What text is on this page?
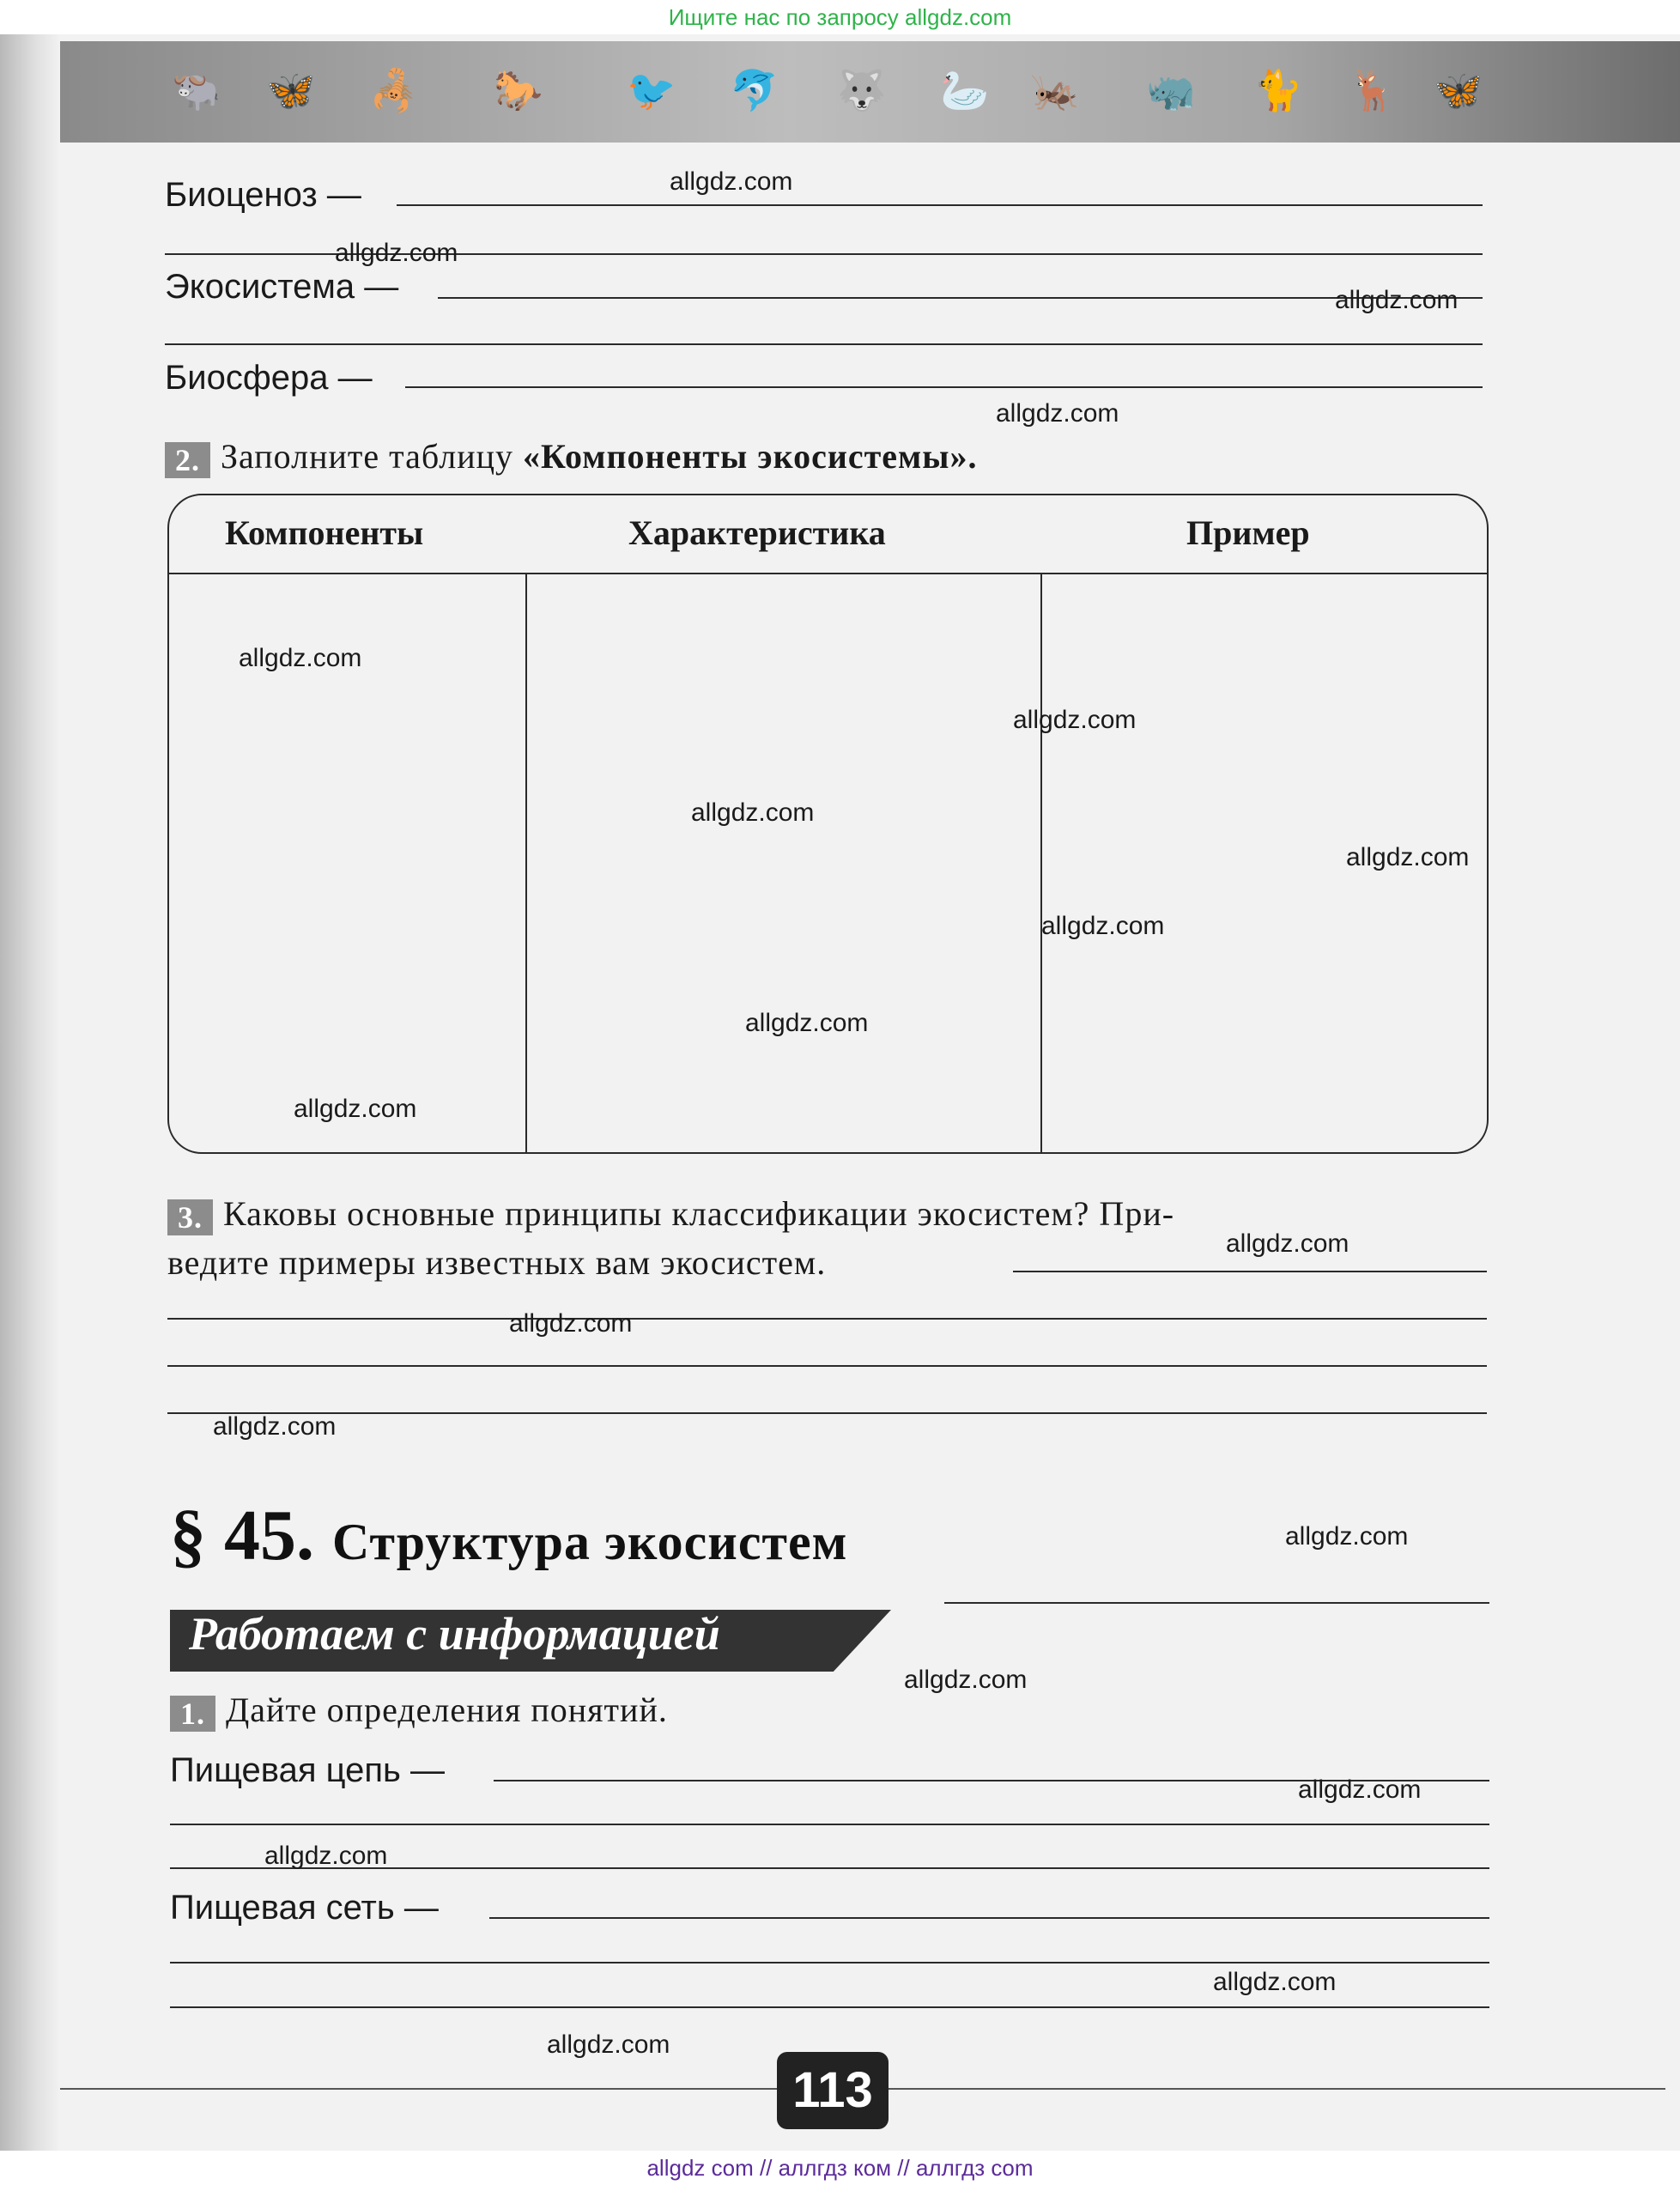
Ищите нас по запросу allgdz.com
🐃 🦋 🦂 🐎 🐦 🐬 🐺 🦢 🦗 🦏 🐈 🦌 🦋
Биоценоз —
Экосистема —
Биосфера —
2. Заполните таблицу «Компоненты экосистемы».
Компоненты	Характеристика	Пример
3. Каковы основные принципы классификации экосистем? При-
ведите примеры известных вам экосистем.
§ 45. Структура экосистем
Работаем с информацией
1. Дайте определения понятий.
Пищевая цепь —
Пищевая сеть —
113
allgdz.com
allgdz.com
allgdz.com
allgdz.com
allgdz.com
allgdz.com
allgdz.com
allgdz.com
allgdz.com
allgdz.com
allgdz.com
allgdz.com
allgdz.com
allgdz.com
allgdz.com
allgdz.com
allgdz.com
allgdz.com
allgdz.com
allgdz.com
allgdz com // аллгдз ком // аллгдз com
